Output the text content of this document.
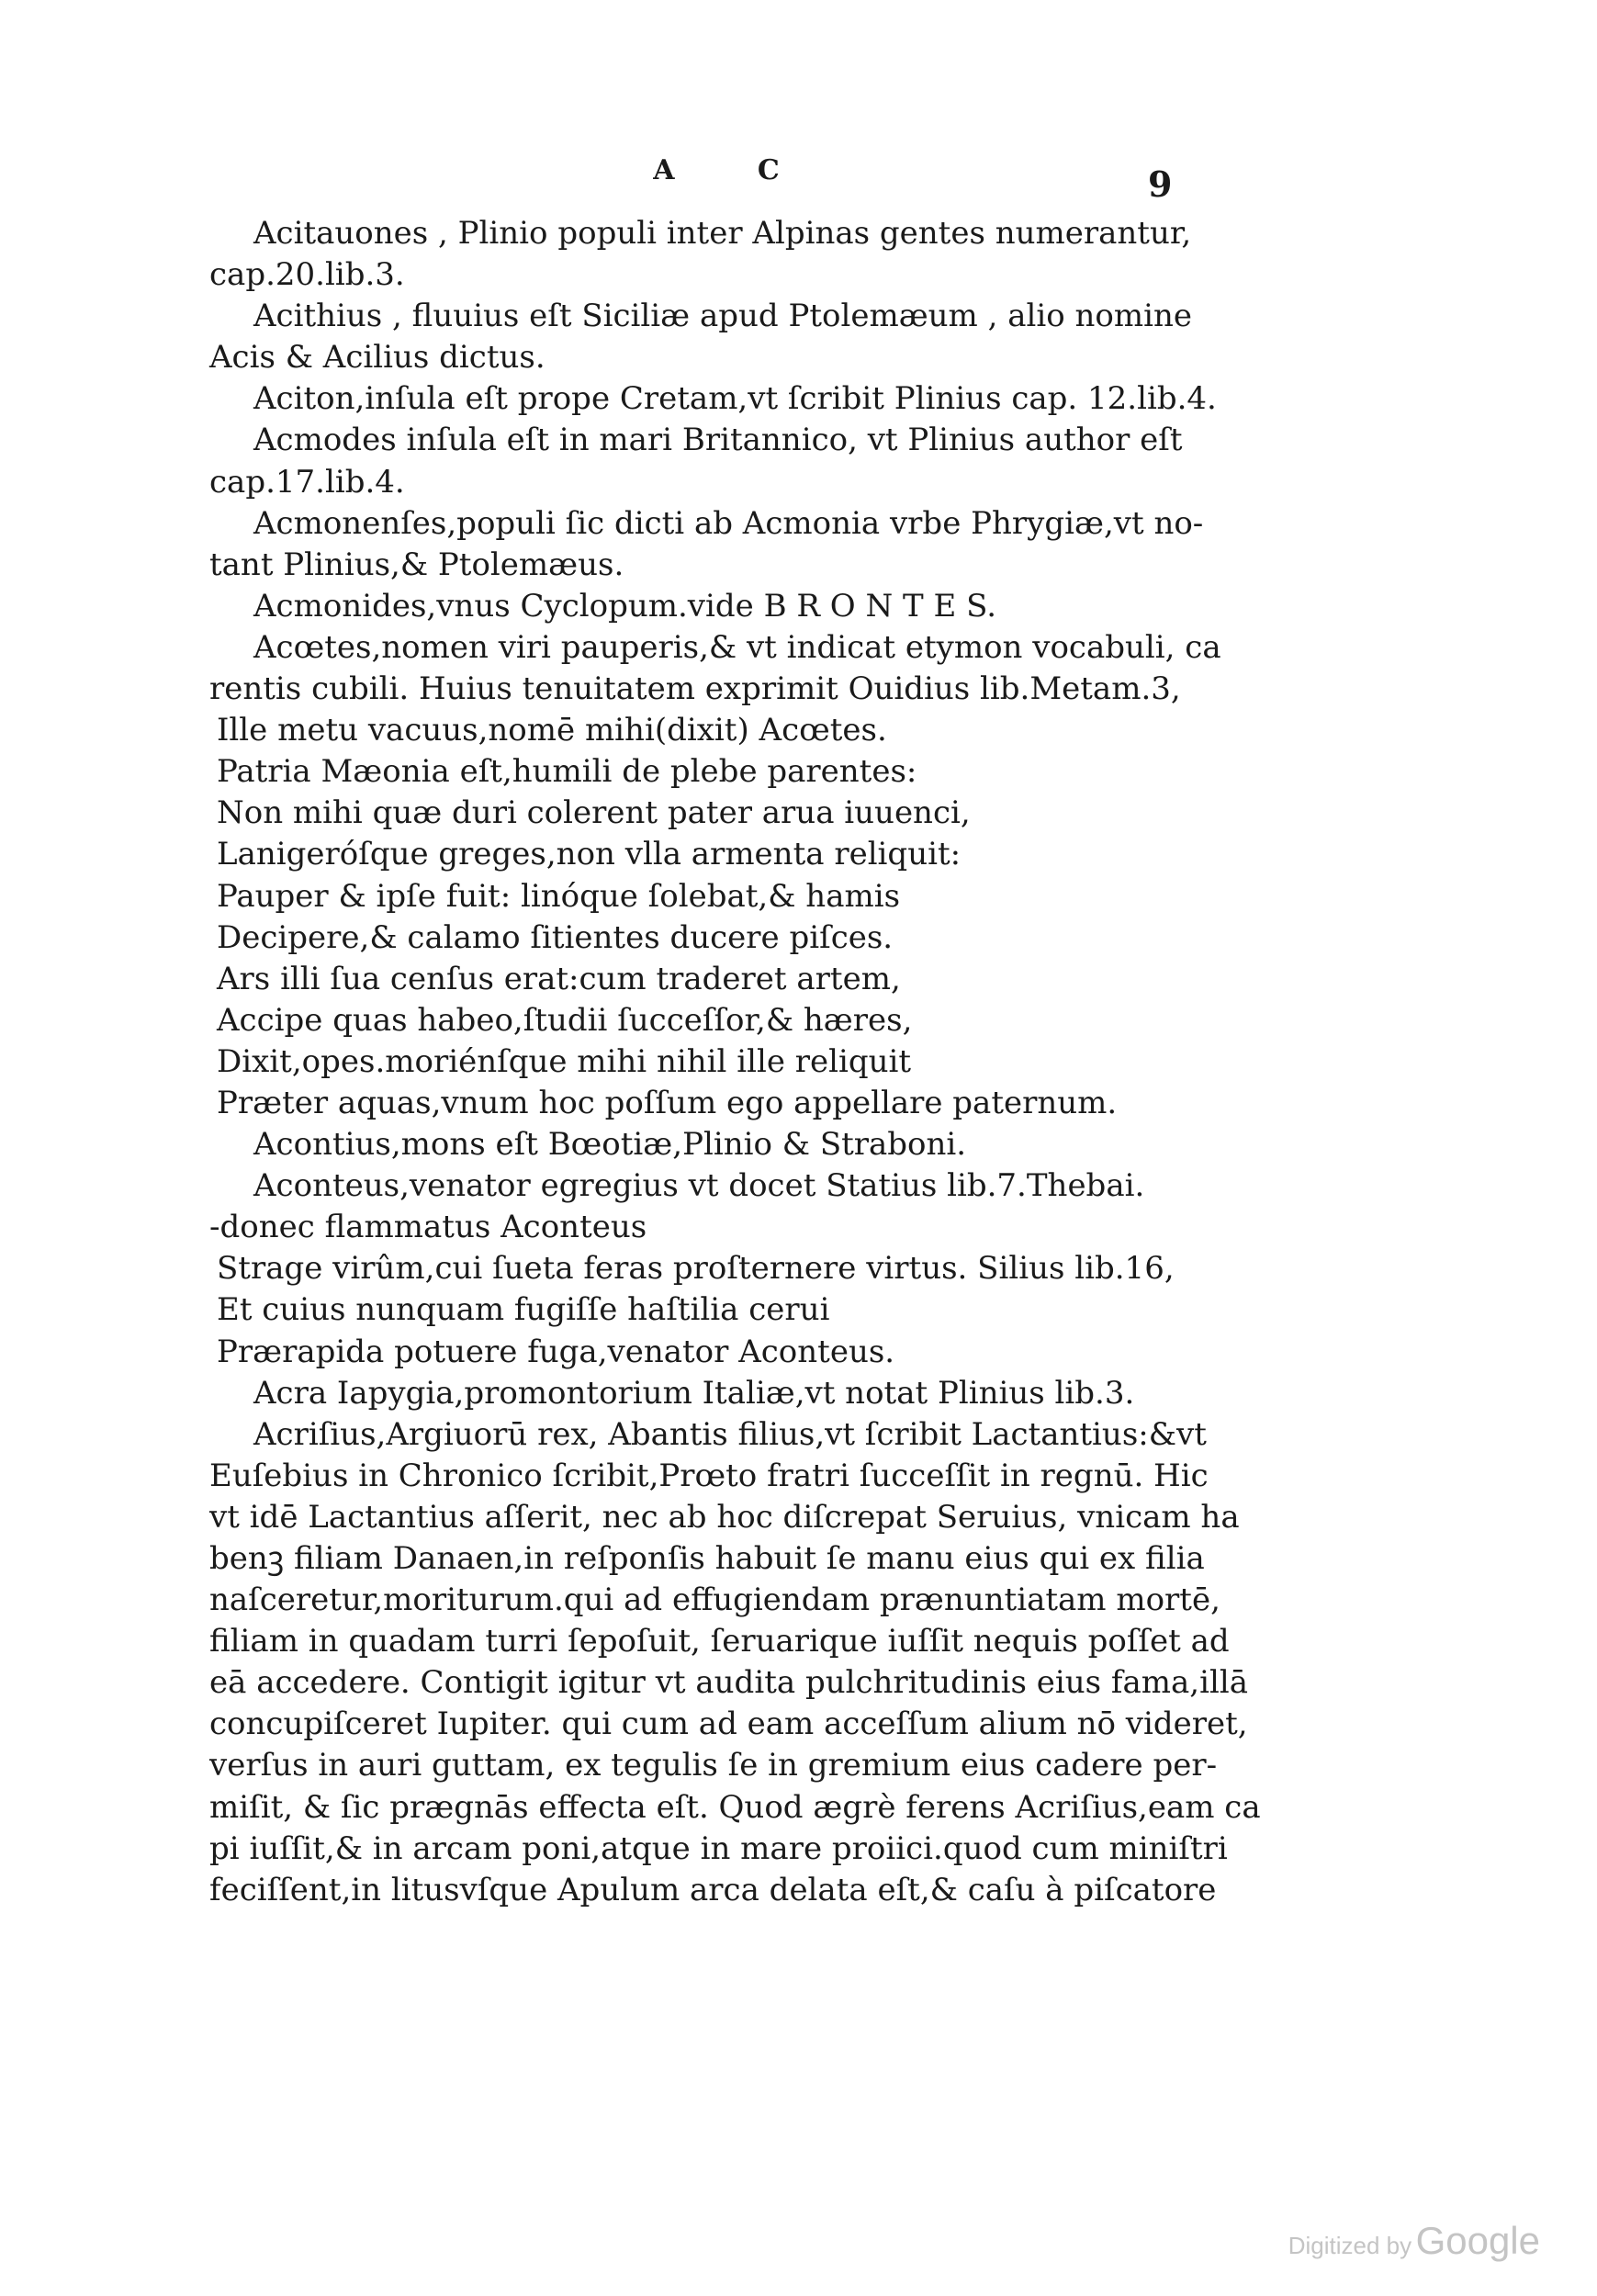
A C	9
Acitauones , Plinio populi inter Alpinas gentes numerantur,
cap.20.lib.3.
Acithius , fluuius eſt Siciliæ apud Ptolemæum , alio nomine
Acis & Acilius dictus.
Aciton,inſula eſt prope Cretam,vt ſcribit Plinius cap. 12.lib.4.
Acmodes inſula eſt in mari Britannico, vt Plinius author eſt
cap.17.lib.4.
Acmonenſes,populi ſic dicti ab Acmonia vrbe Phrygiæ,vt no-
tant Plinius,& Ptolemæus.
Acmonides,vnus Cyclopum.vide B R O N T E S.
Acœtes,nomen viri pauperis,& vt indicat etymon vocabuli, ca
rentis cubili. Huius tenuitatem exprimit Ouidius lib.Metam.3,
Ille metu vacuus,nomē mihi(dixit) Acœtes.
Patria Mæonia eſt,humili de plebe parentes:
Non mihi quæ duri colerent pater arua iuuenci,
Lanigeróſque greges,non vlla armenta reliquit:
Pauper & ipſe fuit: linóque ſolebat,& hamis
Decipere,& calamo ſitientes ducere piſces.
Ars illi ſua cenſus erat:cum traderet artem,
Accipe quas habeo,ſtudii ſucceſſor,& hæres,
Dixit,opes.moriénſque mihi nihil ille reliquit
Præter aquas,vnum hoc poſſum ego appellare paternum.
Acontius,mons eſt Bœotiæ,Plinio & Straboni.
Aconteus,venator egregius vt docet Statius lib.7.Thebai.
-donec flammatus Aconteus
Strage virûm,cui ſueta feras proſternere virtus. Silius lib.16,
Et cuius nunquam fugiſſe haſtilia cerui
Prærapida potuere fuga,venator Aconteus.
Acra Iapygia,promontorium Italiæ,vt notat Plinius lib.3.
Acriſius,Argiuorū rex, Abantis filius,vt ſcribit Lactantius:&vt
Euſebius in Chronico ſcribit,Prœto fratri ſucceſſit in regnū. Hic
vt idē Lactantius aſſerit, nec ab hoc diſcrepat Seruius, vnicam ha
benꝫ filiam Danaen,in reſponſis habuit ſe manu eius qui ex filia
naſceretur,moriturum.qui ad effugiendam prænuntiatam mortē,
filiam in quadam turri ſepoſuit, ſeruarique iuſſit nequis poſſet ad
eā accedere. Contigit igitur vt audita pulchritudinis eius fama,illā
concupiſceret Iupiter. qui cum ad eam acceſſum alium nō videret,
verſus in auri guttam, ex tegulis ſe in gremium eius cadere per-
miſit, & ſic prægnās effecta eſt. Quod ægrè ferens Acriſius,eam ca
pi iuſſit,& in arcam poni,atque in mare proiici.quod cum miniſtri
feciſſent,in litusvſque Apulum arca delata eſt,& caſu à piſcatore
Digitized by Google
